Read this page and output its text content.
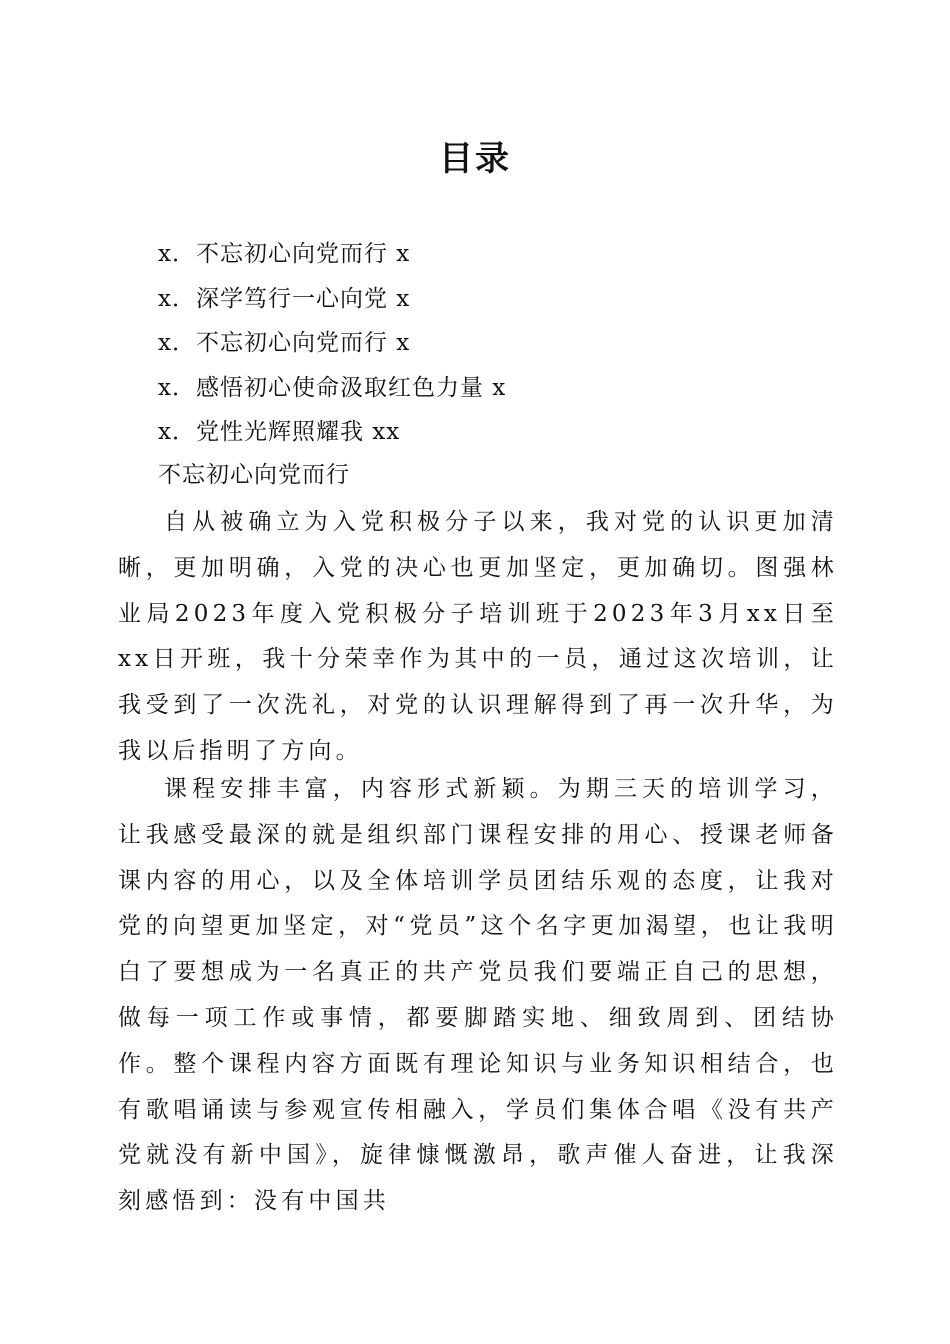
目录
x．不忘初心向党而行 x
x．深学笃行一心向党 x
x．不忘初心向党而行 x
x．感悟初心使命汲取红色力量 x
x．党性光辉照耀我 xx
不忘初心向党而行

自从被确立为入党积极分子以来，我对党的认识更加清晰，更加明确，入党的决心也更加坚定，更加确切。图强林业局2023年度入党积极分子培训班于2023年3月xx日至xx日开班，我十分荣幸作为其中的一员，通过这次培训，让我受到了一次洗礼，对党的认识理解得到了再一次升华，为我以后指明了方向。

课程安排丰富，内容形式新颖。为期三天的培训学习，让我感受最深的就是组织部门课程安排的用心、授课老师备课内容的用心，以及全体培训学员团结乐观的态度，让我对党的向望更加坚定，对“党员”这个名字更加渴望，也让我明白了要想成为一名真正的共产党员我们要端正自己的思想，做每一项工作或事情，都要脚踏实地、细致周到、团结协作。整个课程内容方面既有理论知识与业务知识相结合，也有歌唱诵读与参观宣传相融入，学员们集体合唱《没有共产党就没有新中国》，旋律慷慨激昂，歌声催人奋进，让我深刻感悟到：没有中国共
